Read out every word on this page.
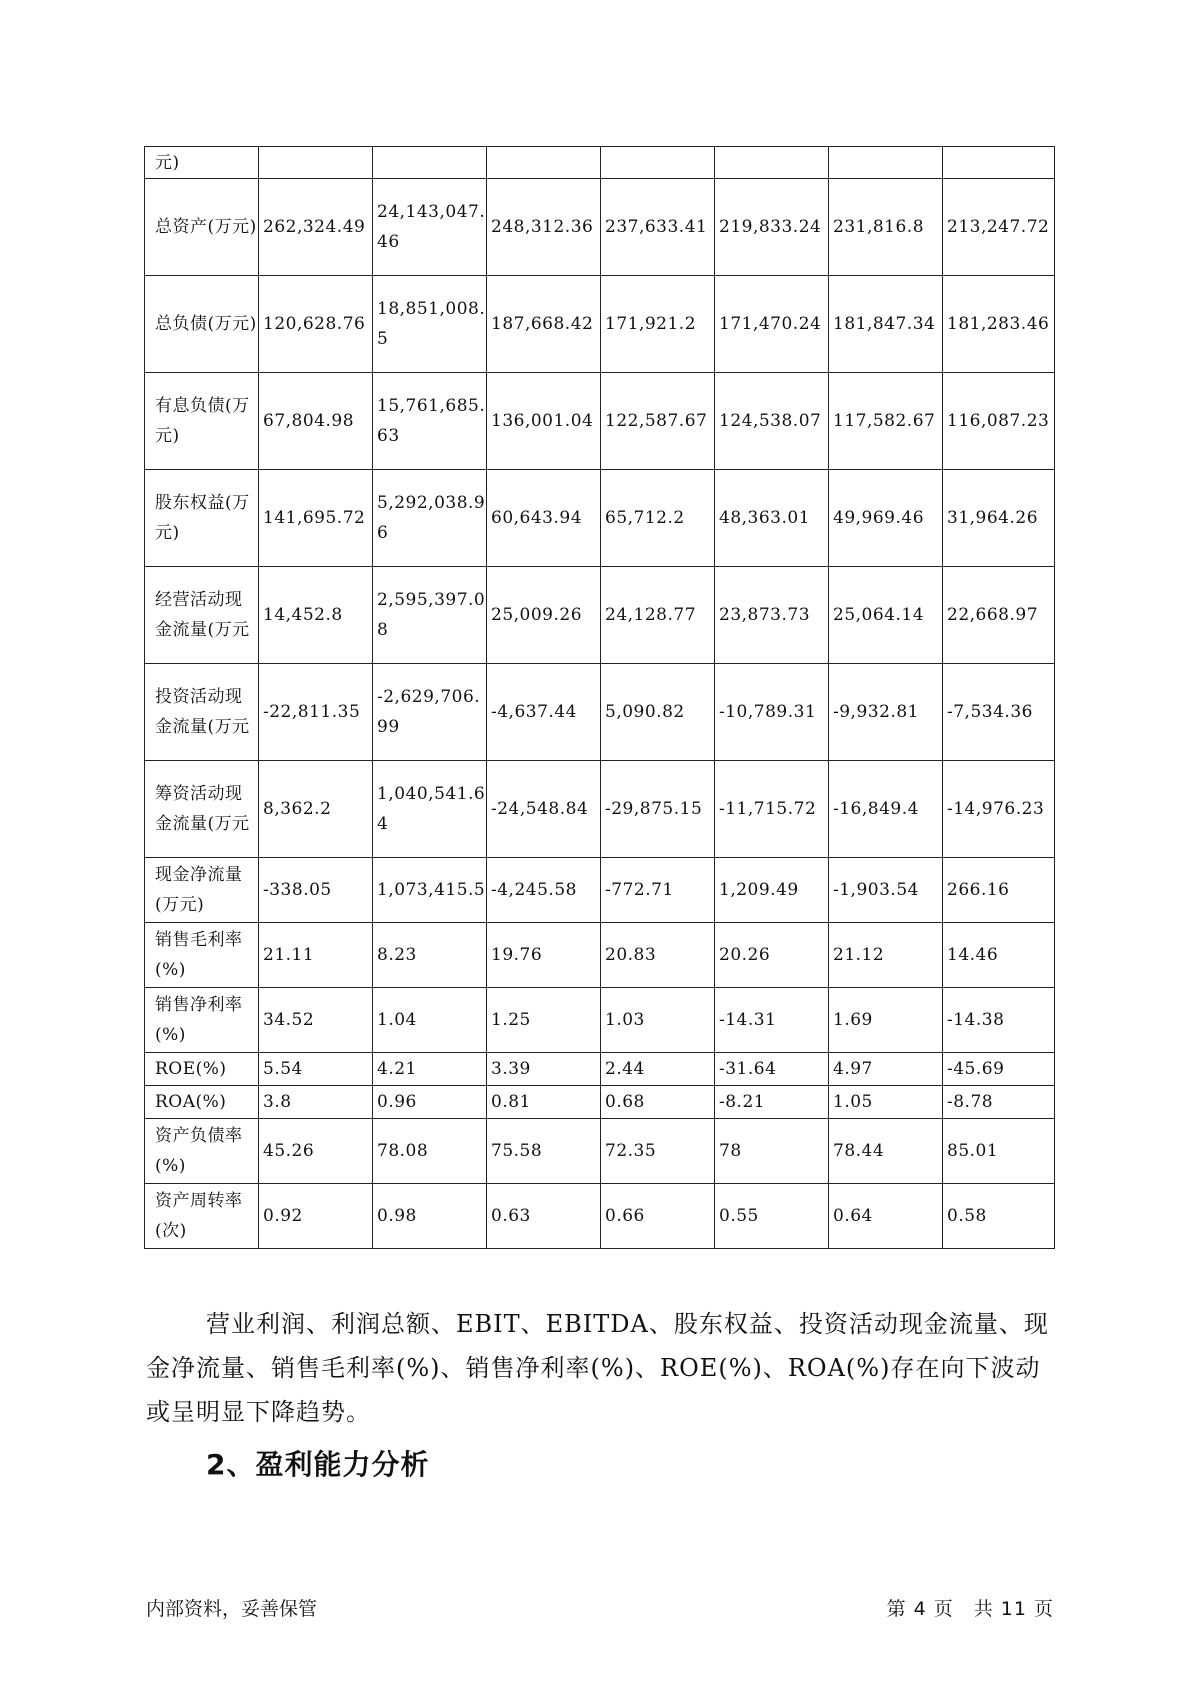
元)							

总资产(万元)	262,324.49	24,143,047.46	248,312.36	237,633.41	219,833.24	231,816.8	213,247.72

总负债(万元)	120,628.76	18,851,008.5	187,668.42	171,921.2	171,470.24	181,847.34	181,283.46

有息负债(万元)	67,804.98	15,761,685.63	136,001.04	122,587.67	124,538.07	117,582.67	116,087.23

股东权益(万元)	141,695.72	5,292,038.96	60,643.94	65,712.2	48,363.01	49,969.46	31,964.26

经营活动现金流量(万元	14,452.8	2,595,397.08	25,009.26	24,128.77	23,873.73	25,064.14	22,668.97

投资活动现金流量(万元	-22,811.35	-2,629,706.99	-4,637.44	5,090.82	-10,789.31	-9,932.81	-7,534.36

筹资活动现金流量(万元	8,362.2	1,040,541.64	-24,548.84	-29,875.15	-11,715.72	-16,849.4	-14,976.23

现金净流量(万元)	-338.05	1,073,415.5	-4,245.58	-772.71	1,209.49	-1,903.54	266.16

销售毛利率(%)	21.11	8.23	19.76	20.83	20.26	21.12	14.46

销售净利率(%)	34.52	1.04	1.25	1.03	-14.31	1.69	-14.38

ROE(%)	5.54	4.21	3.39	2.44	-31.64	4.97	-45.69

ROA(%)	3.8	0.96	0.81	0.68	-8.21	1.05	-8.78

资产负债率(%)	45.26	78.08	75.58	72.35	78	78.44	85.01

资产周转率(次)	0.92	0.98	0.63	0.66	0.55	0.64	0.58

营业利润、利润总额、EBIT、EBITDA、股东权益、投资活动现金流量、现金净流量、销售毛利率(%)、销售净利率(%)、ROE(%)、ROA(%)存在向下波动或呈明显下降趋势。

2、盈利能力分析
内部资料，妥善保管	第 4 页　共 11 页
